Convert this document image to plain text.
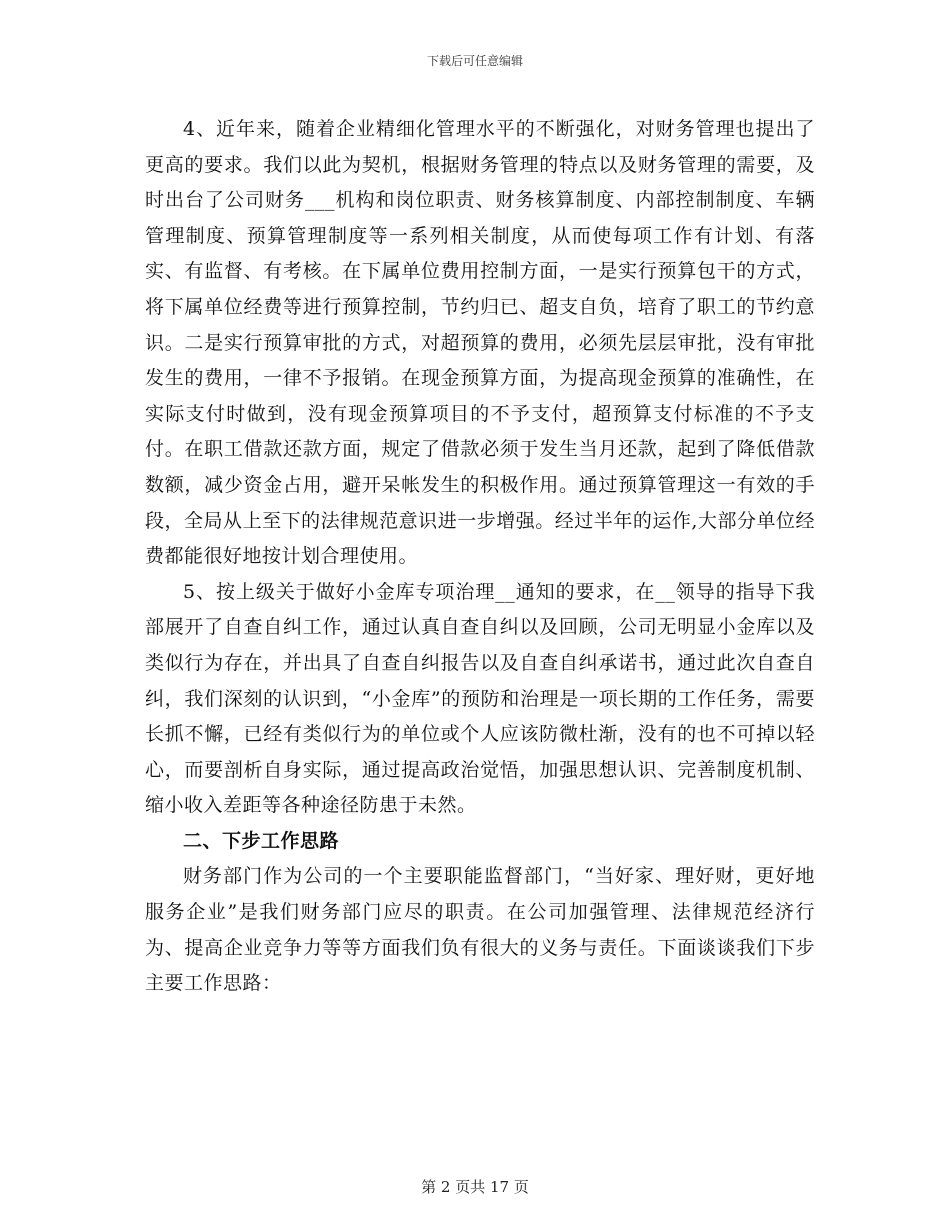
下载后可任意编辑

4、近年来，随着企业精细化管理水平的不断强化，对财务管理也提出了更高的要求。我们以此为契机，根据财务管理的特点以及财务管理的需要，及时出台了公司财务___机构和岗位职责、财务核算制度、内部控制制度、车辆管理制度、预算管理制度等一系列相关制度，从而使每项工作有计划、有落实、有监督、有考核。在下属单位费用控制方面，一是实行预算包干的方式，将下属单位经费等进行预算控制，节约归已、超支自负，培育了职工的节约意识。二是实行预算审批的方式，对超预算的费用，必须先层层审批，没有审批发生的费用，一律不予报销。在现金预算方面，为提高现金预算的准确性，在实际支付时做到，没有现金预算项目的不予支付，超预算支付标准的不予支付。在职工借款还款方面，规定了借款必须于发生当月还款，起到了降低借款数额，减少资金占用，避开呆帐发生的积极作用。通过预算管理这一有效的手段，全局从上至下的法律规范意识进一步增强。经过半年的运作,大部分单位经费都能很好地按计划合理使用。

5、按上级关于做好小金库专项治理__通知的要求，在__领导的指导下我部展开了自查自纠工作，通过认真自查自纠以及回顾，公司无明显小金库以及类似行为存在，并出具了自查自纠报告以及自查自纠承诺书，通过此次自查自纠，我们深刻的认识到，“小金库”的预防和治理是一项长期的工作任务，需要长抓不懈，已经有类似行为的单位或个人应该防微杜渐，没有的也不可掉以轻心，而要剖析自身实际，通过提高政治觉悟，加强思想认识、完善制度机制、缩小收入差距等各种途径防患于未然。

二、下步工作思路

财务部门作为公司的一个主要职能监督部门，“当好家、理好财，更好地服务企业”是我们财务部门应尽的职责。在公司加强管理、法律规范经济行为、提高企业竞争力等等方面我们负有很大的义务与责任。下面谈谈我们下步主要工作思路：

第 2 页共 17 页
